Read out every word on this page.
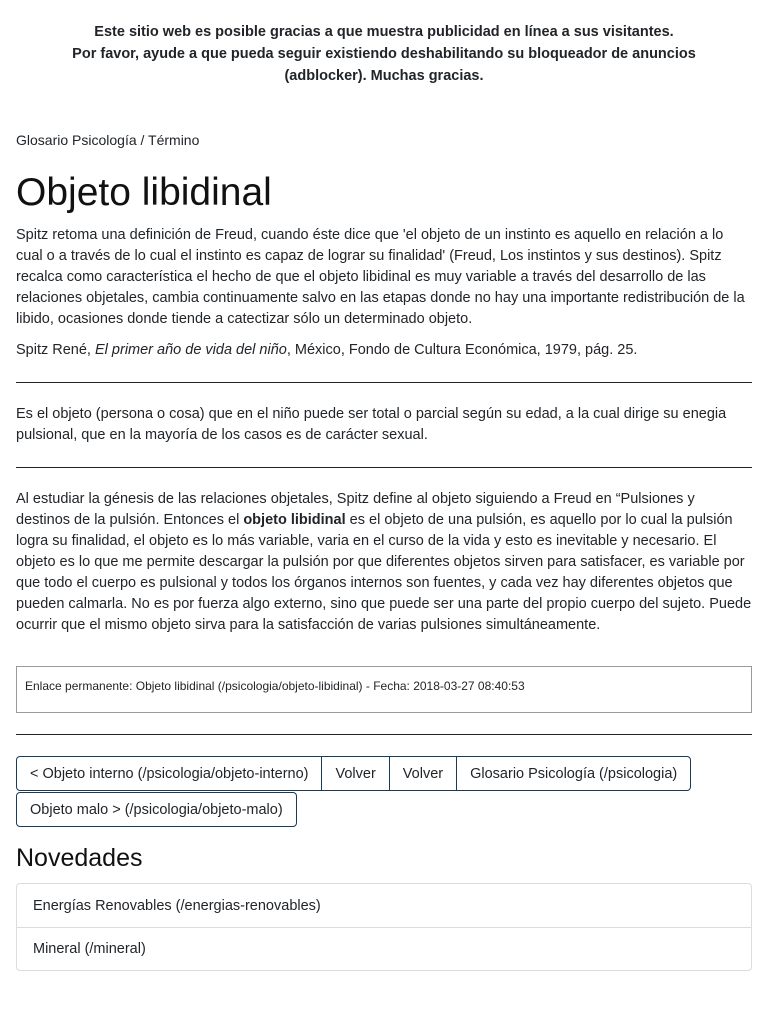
Este sitio web es posible gracias a que muestra publicidad en línea a sus visitantes.
Por favor, ayude a que pueda seguir existiendo deshabilitando su bloqueador de anuncios (adblocker). Muchas gracias.
Glosario Psicología / Término
Objeto libidinal

Spitz retoma una definición de Freud, cuando éste dice que 'el objeto de un instinto es aquello en relación a lo cual o a través de lo cual el instinto es capaz de lograr su finalidad' (Freud, Los instintos y sus destinos). Spitz recalca como característica el hecho de que el objeto libidinal es muy variable a través del desarrollo de las relaciones objetales, cambia continuamente salvo en las etapas donde no hay una importante redistribución de la libido, ocasiones donde tiende a catectizar sólo un determinado objeto.

Spitz René, El primer año de vida del niño, México, Fondo de Cultura Económica, 1979, pág. 25.

Es el objeto (persona o cosa) que en el niño puede ser total o parcial según su edad, a la cual dirige su enegia pulsional, que en la mayoría de los casos es de carácter sexual.

Al estudiar la génesis de las relaciones objetales, Spitz define al objeto siguiendo a Freud en “Pulsiones y destinos de la pulsión. Entonces el objeto libidinal es el objeto de una pulsión, es aquello por lo cual la pulsión logra su finalidad, el objeto es lo más variable, varia en el curso de la vida y esto es inevitable y necesario. El objeto es lo que me permite descargar la pulsión por que diferentes objetos sirven para satisfacer, es variable por que todo el cuerpo es pulsional y todos los órganos internos son fuentes, y cada vez hay diferentes objetos que pueden calmarla. No es por fuerza algo externo, sino que puede ser una parte del propio cuerpo del sujeto. Puede ocurrir que el mismo objeto sirva para la satisfacción de varias pulsiones simultáneamente.

Enlace permanente: Objeto libidinal (/psicologia/objeto-libidinal) - Fecha: 2018-03-27 08:40:53
< Objeto interno (/psicologia/objeto-interno)	Volver	Volver	Glosario Psicología (/psicologia)
Objeto malo > (/psicologia/objeto-malo)
Novedades
Energías Renovables (/energias-renovables)
Mineral (/mineral)
